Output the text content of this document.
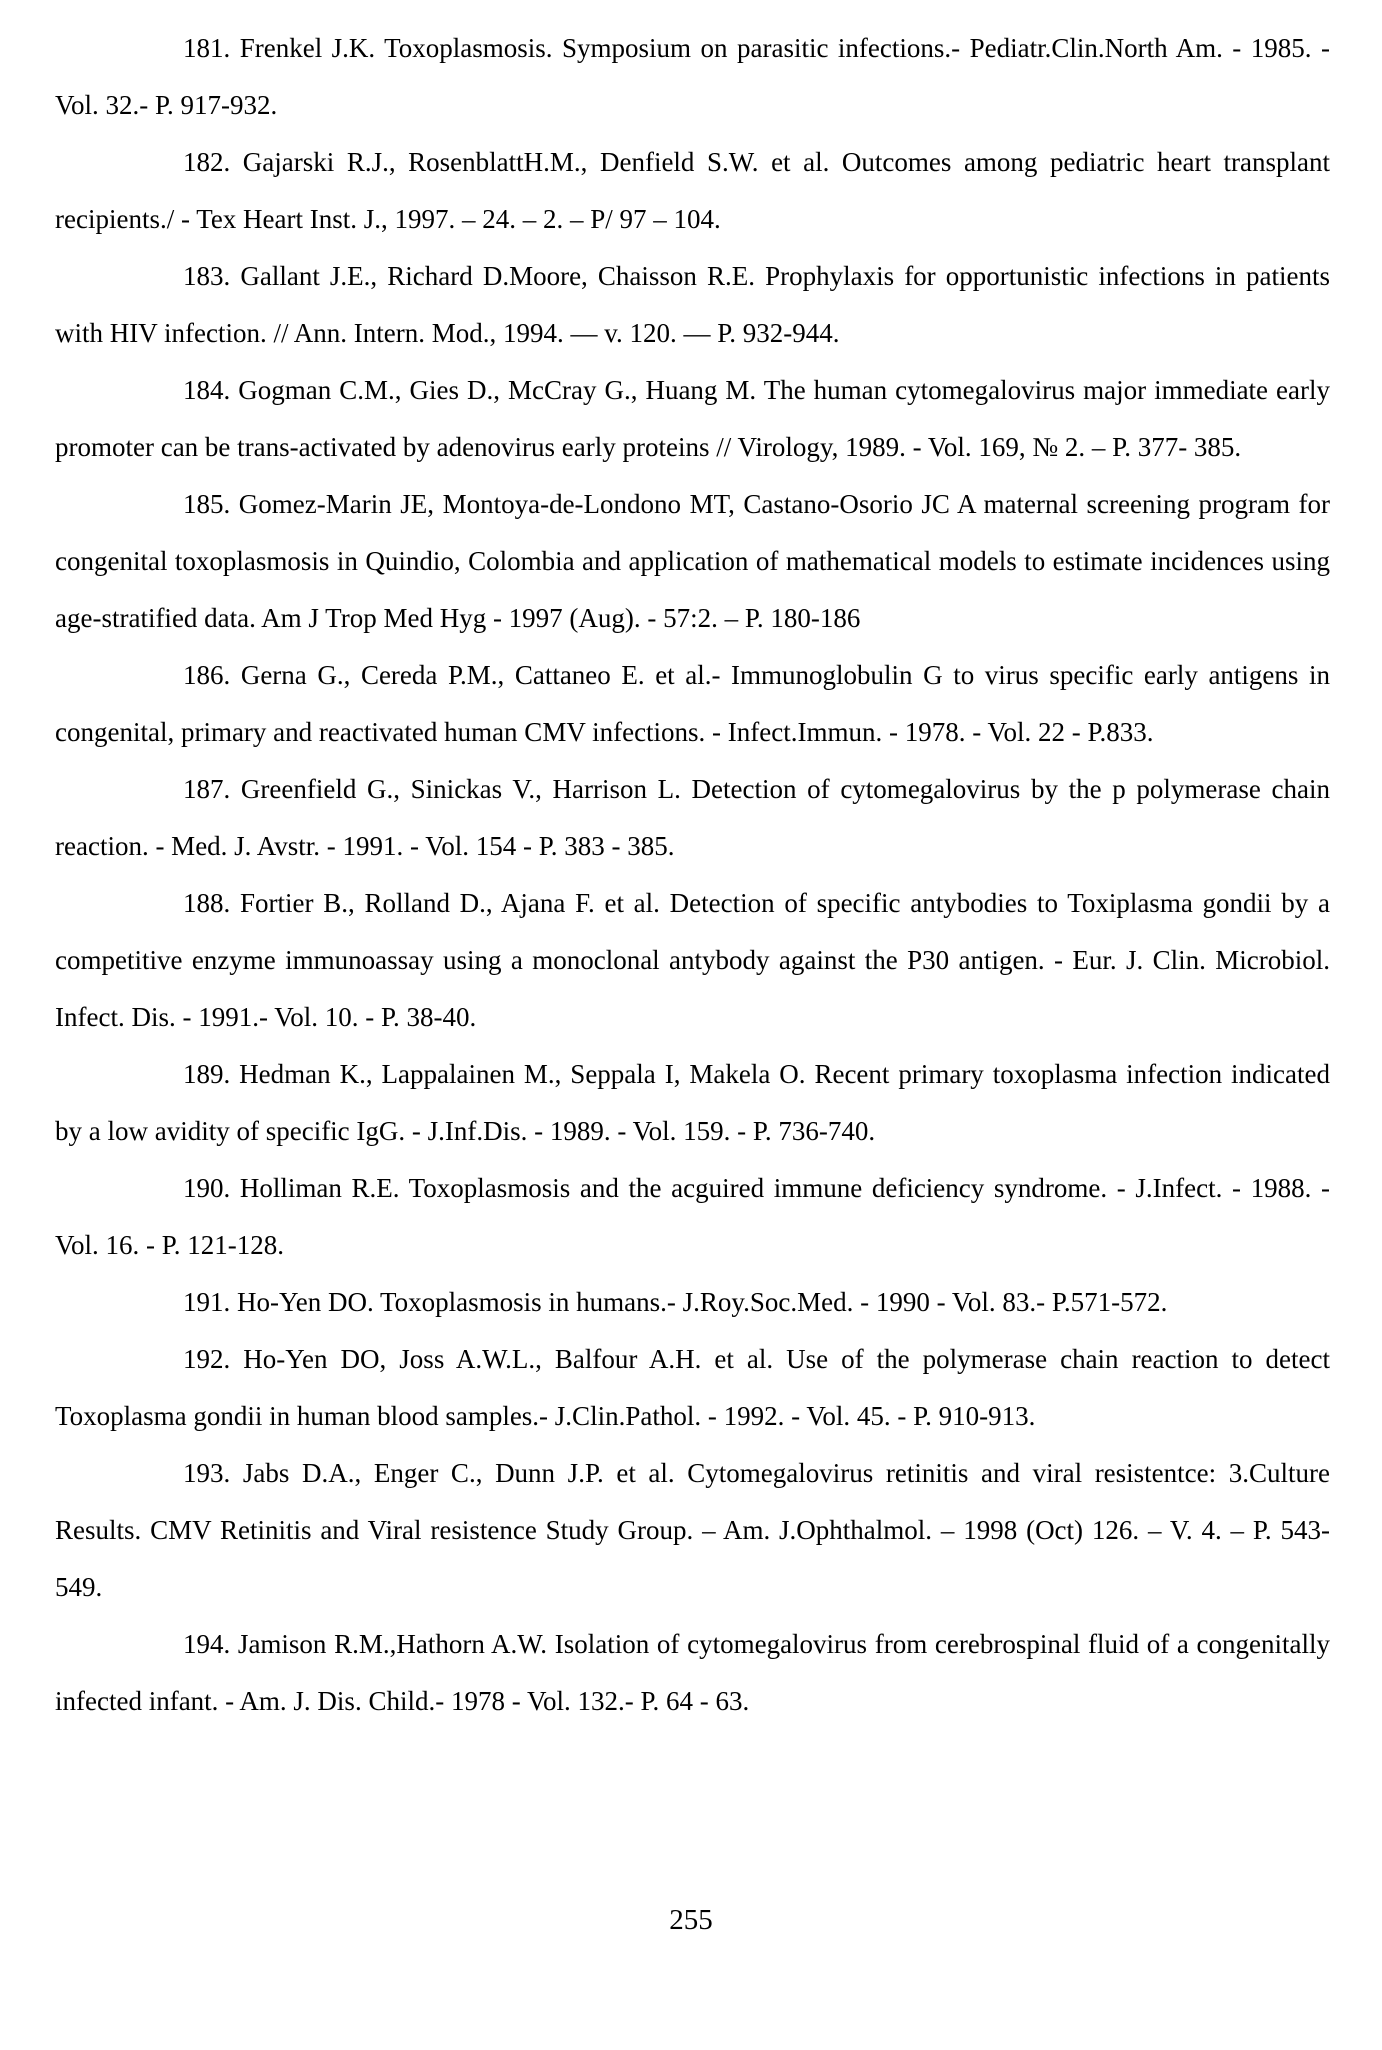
181. Frenkel J.K. Toxoplasmosis. Symposium on parasitic infections.- Pediatr.Clin.North Am. - 1985. - Vol. 32.- P. 917-932.

182. Gajarski R.J., RosenblattH.M., Denfield S.W. et al. Outcomes among pediatric heart transplant recipients./ - Tex Heart Inst. J., 1997. – 24. – 2. – P/ 97 – 104.

183. Gallant J.E., Richard D.Moore, Chaisson R.E. Prophylaxis for opportunistic infections in patients with HIV infection. // Ann. Intern. Mod., 1994. — v. 120. — P. 932-944.

184. Gogman C.M., Gies D., McCray G., Huang M. The human cytomegalovirus major immediate early promoter can be trans-activated by adenovirus early proteins // Virology, 1989. - Vol. 169, № 2. – P. 377- 385.

185. Gomez-Marin JE, Montoya-de-Londono MT, Castano-Osorio JC A maternal screening program for congenital toxoplasmosis in Quindio, Colombia and application of mathematical models to estimate incidences using age-stratified data. Am J Trop Med Hyg - 1997 (Aug). - 57:2. – P. 180-186

186. Gerna G., Cereda P.M., Cattaneo E. et al.- Immunoglobulin G to virus specific early antigens in congenital, primary and reactivated human CMV infections. - Infect.Immun. - 1978. - Vol. 22 - P.833.

187. Greenfield G., Sinickas V., Harrison L. Detection of cytomegalovirus by the p polymerase chain reaction. - Med. J. Avstr. - 1991. - Vol. 154 - P. 383 - 385.

188. Fortier B., Rolland D., Ajana F. et al. Detection of specific antybodies to Toxiplasma gondii by a competitive enzyme immunoassay using a monoclonal antybody against the P30 antigen. - Eur. J. Clin. Microbiol. Infect. Dis. - 1991.- Vol. 10. - P. 38-40.

189. Hedman K., Lappalainen M., Seppala I, Makela O. Recent primary toxoplasma infection indicated by a low avidity of specific IgG. - J.Inf.Dis. - 1989. - Vol. 159. - P. 736-740.

190. Holliman R.E. Toxoplasmosis and the acguired immune deficiency syndrome. - J.Infect. - 1988. - Vol. 16. - P. 121-128.

191. Ho-Yen DO. Toxoplasmosis in humans.- J.Roy.Soc.Med. - 1990 - Vol. 83.- P.571-572.

192. Ho-Yen DO, Joss A.W.L., Balfour A.H. et al. Use of the polymerase chain reaction to detect Toxoplasma gondii in human blood samples.- J.Clin.Pathol. - 1992. - Vol. 45. - P. 910-913.

193. Jabs D.A., Enger C., Dunn J.P. et al. Cytomegalovirus retinitis and viral resistentce: 3.Culture Results. CMV Retinitis and Viral resistence Study Group. – Am. J.Ophthalmol. – 1998 (Oct) 126. – V. 4. – P. 543-549.

194. Jamison R.M.,Hathorn A.W. Isolation of cytomegalovirus from cerebrospinal fluid of a congenitally infected infant. - Am. J. Dis. Child.- 1978 - Vol. 132.- P. 64 - 63.

255
